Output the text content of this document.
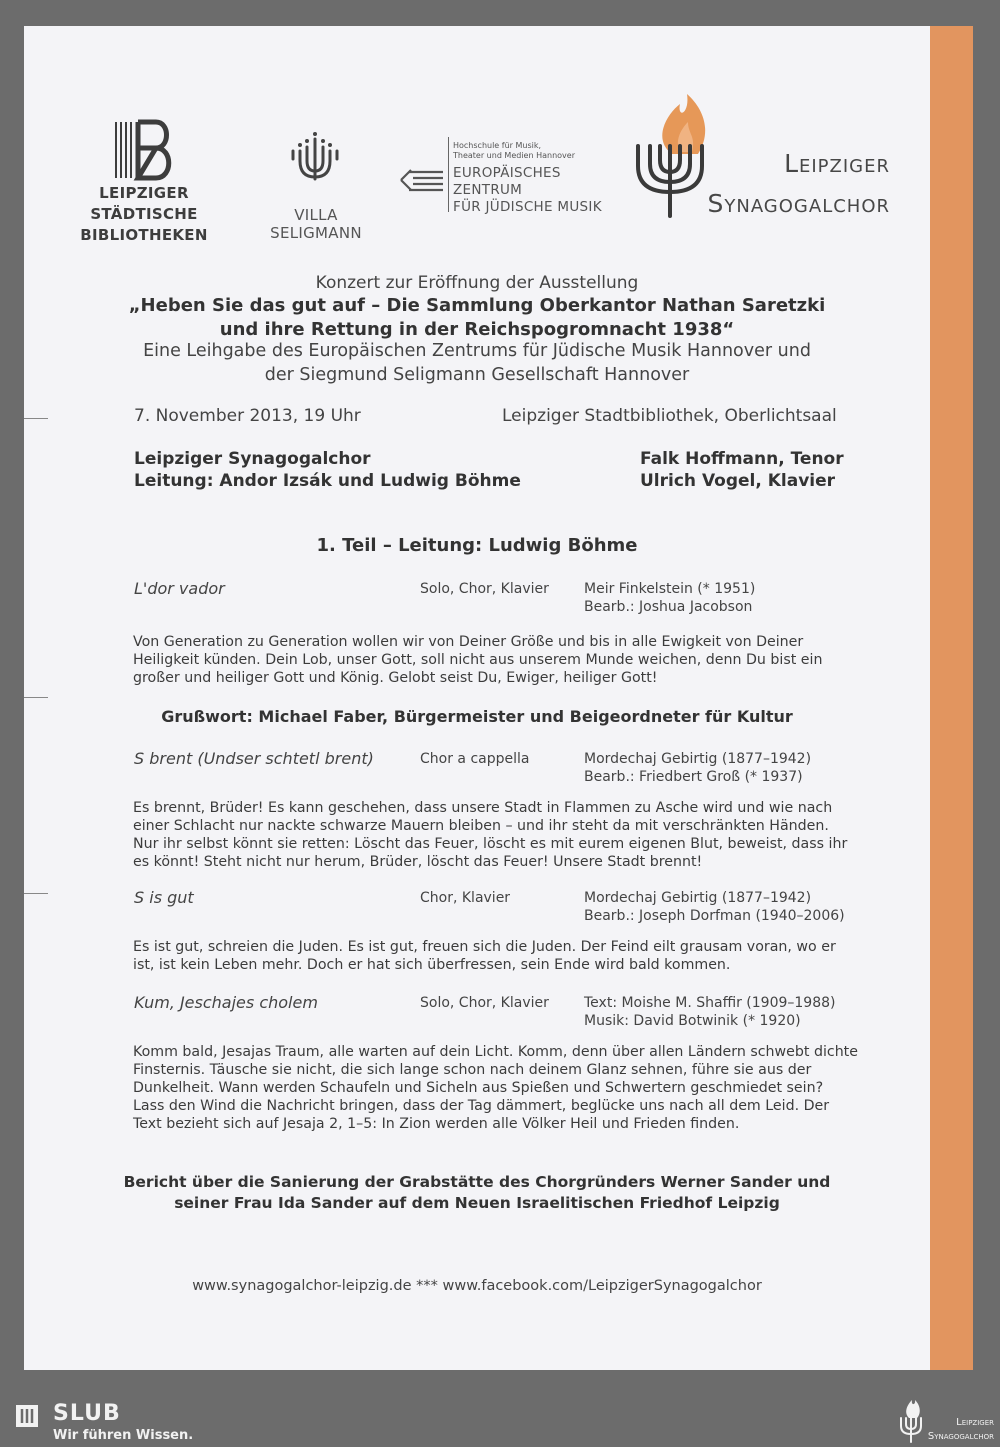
LEIPZIGER STÄDTISCHE
BIBLIOTHEKEN
VILLA SELIGMANN
Hochschule für Musik,
Theater und Medien Hannover
EUROPÄISCHES ZENTRUM
FÜR JÜDISCHE MUSIK
Leipziger
Synagogalchor
Konzert zur Eröffnung der Ausstellung
„Heben Sie das gut auf – Die Sammlung Oberkantor Nathan Saretzki
und ihre Rettung in der Reichspogromnacht 1938“
Eine Leihgabe des Europäischen Zentrums für Jüdische Musik Hannover und
der Siegmund Seligmann Gesellschaft Hannover
7. November 2013, 19 Uhr	Leipziger Stadtbibliothek, Oberlichtsaal
Leipziger Synagogalchor
Leitung: Andor Izsák und Ludwig Böhme
Falk Hoffmann, Tenor
Ulrich Vogel, Klavier
1. Teil – Leitung: Ludwig Böhme
L'dor vador	Solo, Chor, Klavier	Meir Finkelstein (* 1951)
Bearb.: Joshua Jacobson
Von Generation zu Generation wollen wir von Deiner Größe und bis in alle Ewigkeit von Deiner Heiligkeit künden. Dein Lob, unser Gott, soll nicht aus unserem Munde weichen, denn Du bist ein großer und heiliger Gott und König. Gelobt seist Du, Ewiger, heiliger Gott!
Grußwort: Michael Faber, Bürgermeister und Beigeordneter für Kultur
S brent (Undser schtetl brent)	Chor a cappella	Mordechaj Gebirtig (1877–1942)
Bearb.: Friedbert Groß (* 1937)
Es brennt, Brüder! Es kann geschehen, dass unsere Stadt in Flammen zu Asche wird und wie nach einer Schlacht nur nackte schwarze Mauern bleiben – und ihr steht da mit verschränkten Händen. Nur ihr selbst könnt sie retten: Löscht das Feuer, löscht es mit eurem eigenen Blut, beweist, dass ihr es könnt! Steht nicht nur herum, Brüder, löscht das Feuer! Unsere Stadt brennt!
S is gut	Chor, Klavier	Mordechaj Gebirtig (1877–1942)
Bearb.: Joseph Dorfman (1940–2006)
Es ist gut, schreien die Juden. Es ist gut, freuen sich die Juden. Der Feind eilt grausam voran, wo er ist, ist kein Leben mehr. Doch er hat sich überfressen, sein Ende wird bald kommen.
Kum, Jeschajes cholem	Solo, Chor, Klavier	Text: Moishe M. Shaffir (1909–1988)
Musik: David Botwinik (* 1920)
Komm bald, Jesajas Traum, alle warten auf dein Licht. Komm, denn über allen Ländern schwebt dichte Finsternis. Täusche sie nicht, die sich lange schon nach deinem Glanz sehnen, führe sie aus der Dunkelheit. Wann werden Schaufeln und Sicheln aus Spießen und Schwertern geschmiedet sein? Lass den Wind die Nachricht bringen, dass der Tag dämmert, beglücke uns nach all dem Leid. Der Text bezieht sich auf Jesaja 2, 1–5: In Zion werden alle Völker Heil und Frieden finden.
Bericht über die Sanierung der Grabstätte des Chorgründers Werner Sander und
seiner Frau Ida Sander auf dem Neuen Israelitischen Friedhof Leipzig
www.synagogalchor-leipzig.de *** www.facebook.com/LeipzigerSynagogalchor
SLUB
Wir führen Wissen.
Leipziger
Synagogalchor
